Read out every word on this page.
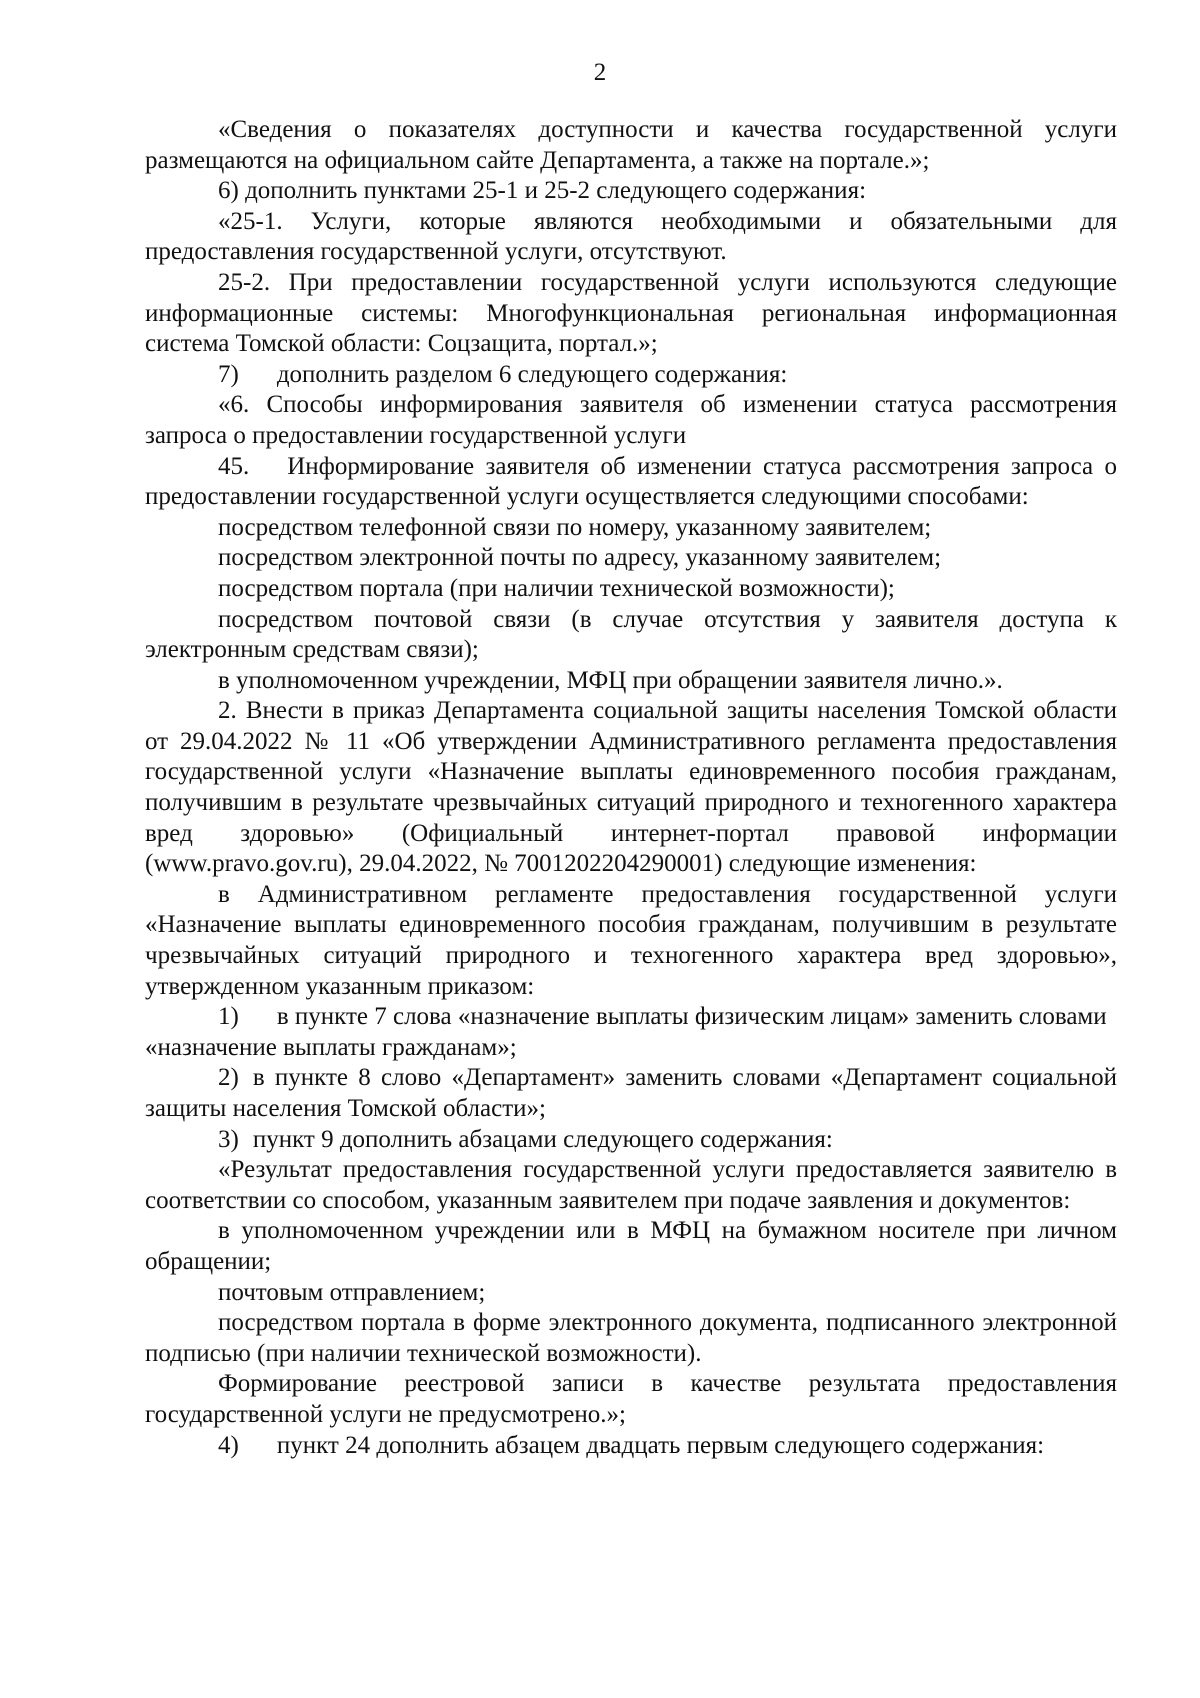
2

«Сведения о показателях доступности и качества государственной услуги размещаются на официальном сайте Департамента, а также на портале.»;

6) дополнить пунктами 25-1 и 25-2 следующего содержания:

«25-1. Услуги, которые являются необходимыми и обязательными для предоставления государственной услуги, отсутствуют.

25-2. При предоставлении государственной услуги используются следующие информационные системы: Многофункциональная региональная информационная система Томской области: Соцзащита, портал.»;

7) дополнить разделом 6 следующего содержания:

«6. Способы информирования заявителя об изменении статуса рассмотрения запроса о предоставлении государственной услуги

45. Информирование заявителя об изменении статуса рассмотрения запроса о предоставлении государственной услуги осуществляется следующими способами:

посредством телефонной связи по номеру, указанному заявителем;

посредством электронной почты по адресу, указанному заявителем;

посредством портала (при наличии технической возможности);

посредством почтовой связи (в случае отсутствия у заявителя доступа к электронным средствам связи);

в уполномоченном учреждении, МФЦ при обращении заявителя лично.».

2. Внести в приказ Департамента социальной защиты населения Томской области от 29.04.2022 № 11 «Об утверждении Административного регламента предоставления государственной услуги «Назначение выплаты единовременного пособия гражданам, получившим в результате чрезвычайных ситуаций природного и техногенного характера вред здоровью» (Официальный интернет-портал правовой информации (www.pravo.gov.ru), 29.04.2022, № 7001202204290001) следующие изменения:

в Административном регламенте предоставления государственной услуги «Назначение выплаты единовременного пособия гражданам, получившим в результате чрезвычайных ситуаций природного и техногенного характера вред здоровью», утвержденном указанным приказом:

1) в пункте 7 слова «назначение выплаты физическим лицам» заменить словами «назначение выплаты гражданам»;

2) в пункте 8 слово «Департамент» заменить словами «Департамент социальной защиты населения Томской области»;

3) пункт 9 дополнить абзацами следующего содержания:

«Результат предоставления государственной услуги предоставляется заявителю в соответствии со способом, указанным заявителем при подаче заявления и документов:

в уполномоченном учреждении или в МФЦ на бумажном носителе при личном обращении;

почтовым отправлением;

посредством портала в форме электронного документа, подписанного электронной подписью (при наличии технической возможности).

Формирование реестровой записи в качестве результата предоставления государственной услуги не предусмотрено.»;

4) пункт 24 дополнить абзацем двадцать первым следующего содержания:
